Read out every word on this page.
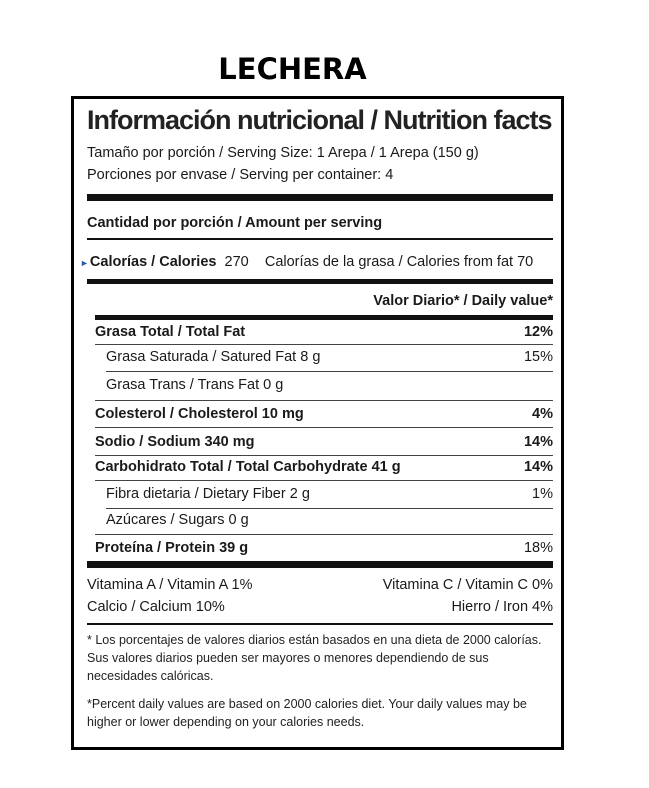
LECHERA
Información nutricional / Nutrition facts
Tamaño por porción / Serving Size: 1 Arepa / 1 Arepa (150 g)
Porciones por envase / Serving per container: 4
Cantidad por porción / Amount per serving
►Calorías / Calories 270 Calorías de la grasa / Calories from fat 70
Valor Diario* / Daily value*
Grasa Total / Total Fat	12%
Grasa Saturada / Satured Fat 8 g	15%
Grasa Trans / Trans Fat 0 g
Colesterol / Cholesterol 10 mg	4%
Sodio / Sodium 340 mg	14%
Carbohidrato Total / Total Carbohydrate 41 g	14%
Fibra dietaria / Dietary Fiber 2 g	1%
Azúcares / Sugars 0 g
Proteína / Protein 39 g	18%
Vitamina A / Vitamin A 1%	Vitamina C / Vitamin C 0%
Calcio / Calcium 10%	Hierro / Iron 4%
* Los porcentajes de valores diarios están basados en una dieta de 2000 calorías. Sus valores diarios pueden ser mayores o menores dependiendo de sus necesidades calóricas.
*Percent daily values are based on 2000 calories diet. Your daily values may be higher or lower depending on your calories needs.
